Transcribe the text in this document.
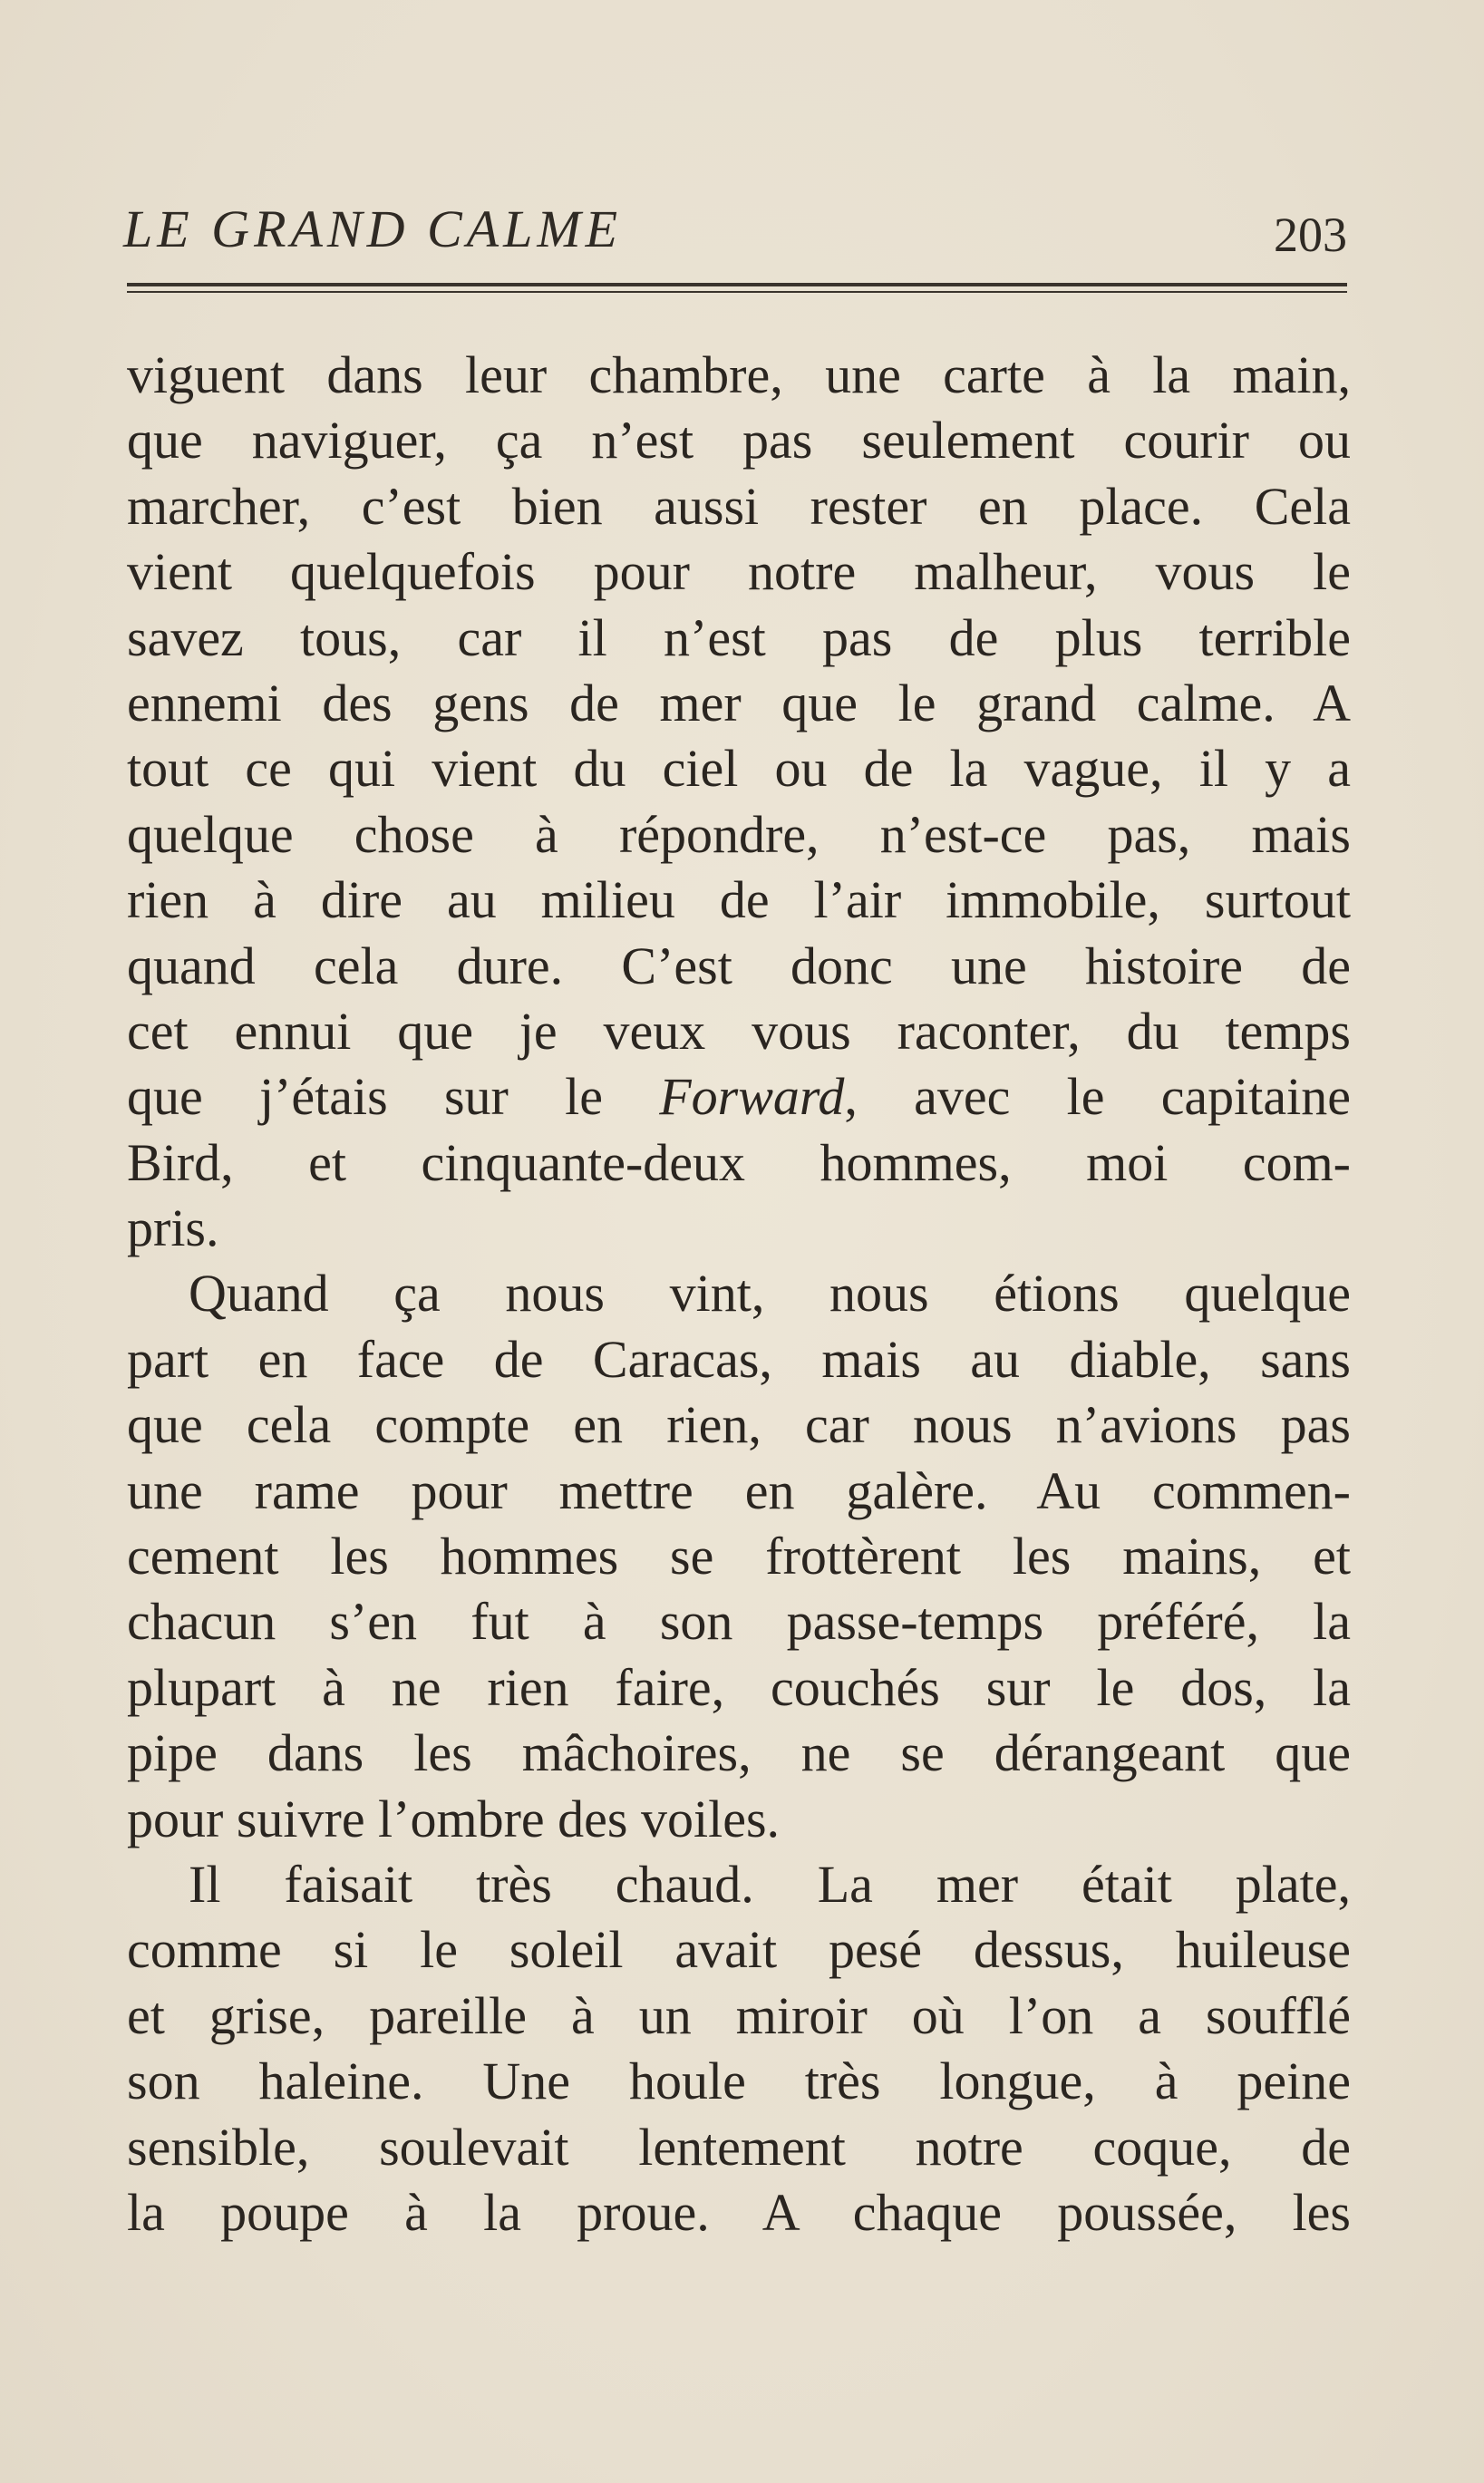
LE GRAND CALME	203
viguent dans leur chambre, une carte à la main,
que naviguer, ça n’est pas seulement courir ou
marcher, c’est bien aussi rester en place. Cela
vient quelquefois pour notre malheur, vous le
savez tous, car il n’est pas de plus terrible
ennemi des gens de mer que le grand calme. A
tout ce qui vient du ciel ou de la vague, il y a
quelque chose à répondre, n’est-ce pas, mais
rien à dire au milieu de l’air immobile, surtout
quand cela dure. C’est donc une histoire de
cet ennui que je veux vous raconter, du temps
que j’étais sur le Forward, avec le capitaine
Bird, et cinquante-deux hommes, moi com-
pris.
Quand ça nous vint, nous étions quelque
part en face de Caracas, mais au diable, sans
que cela compte en rien, car nous n’avions pas
une rame pour mettre en galère. Au commen-
cement les hommes se frottèrent les mains, et
chacun s’en fut à son passe-temps préféré, la
plupart à ne rien faire, couchés sur le dos, la
pipe dans les mâchoires, ne se dérangeant que
pour suivre l’ombre des voiles.
Il faisait très chaud. La mer était plate,
comme si le soleil avait pesé dessus, huileuse
et grise, pareille à un miroir où l’on a soufflé
son haleine. Une houle très longue, à peine
sensible, soulevait lentement notre coque, de
la poupe à la proue. A chaque poussée, les
